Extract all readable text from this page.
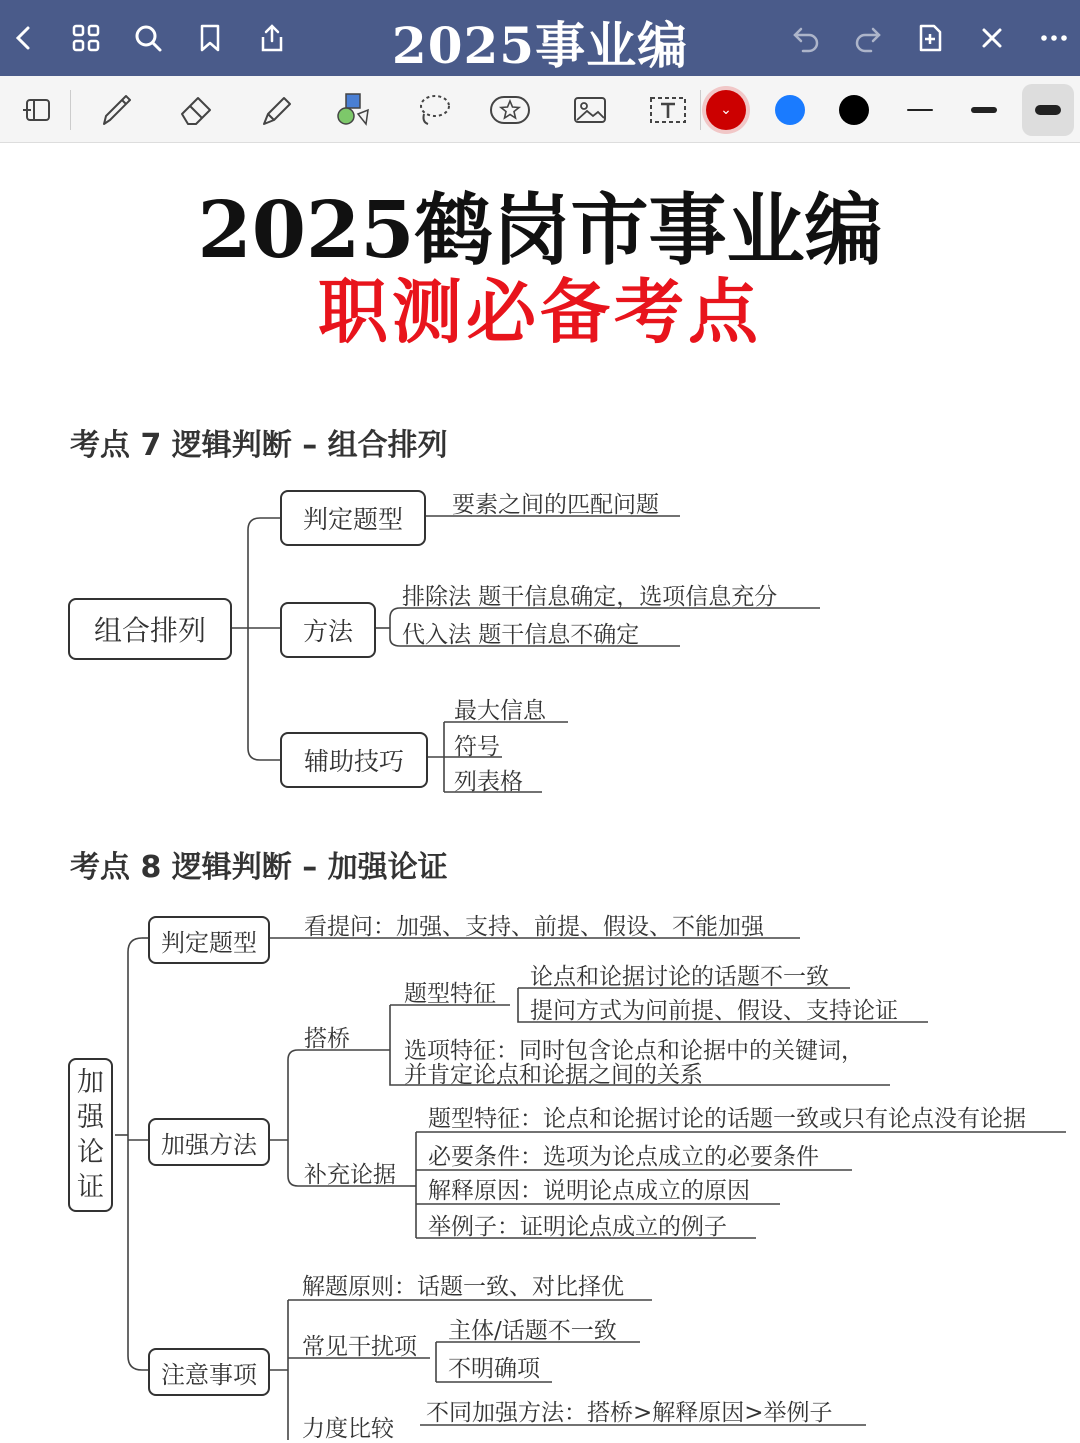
2025事业编
⌄
2025鹤岗市事业编
职测必备考点
考点 7 逻辑判断 – 组合排列
组合排列
判定题型	要素之间的匹配问题
方法
排除法 题干信息确定，选项信息充分
代入法 题干信息不确定
辅助技巧
最大信息
符号
列表格
考点 8 逻辑判断 – 加强论证
加强论证
判定题型
看提问：加强、支持、前提、假设、不能加强
加强方法
搭桥
题型特征
论点和论据讨论的话题不一致
提问方式为问前提、假设、支持论证
选项特征：同时包含论点和论据中的关键词，
并肯定论点和论据之间的关系
补充论据
题型特征：论点和论据讨论的话题一致或只有论点没有论据
必要条件：选项为论点成立的必要条件
解释原因：说明论点成立的原因
举例子：证明论点成立的例子
注意事项
解题原则：话题一致、对比择优
常见干扰项
主体/话题不一致
不明确项
力度比较
不同加强方法：搭桥>解释原因>举例子
